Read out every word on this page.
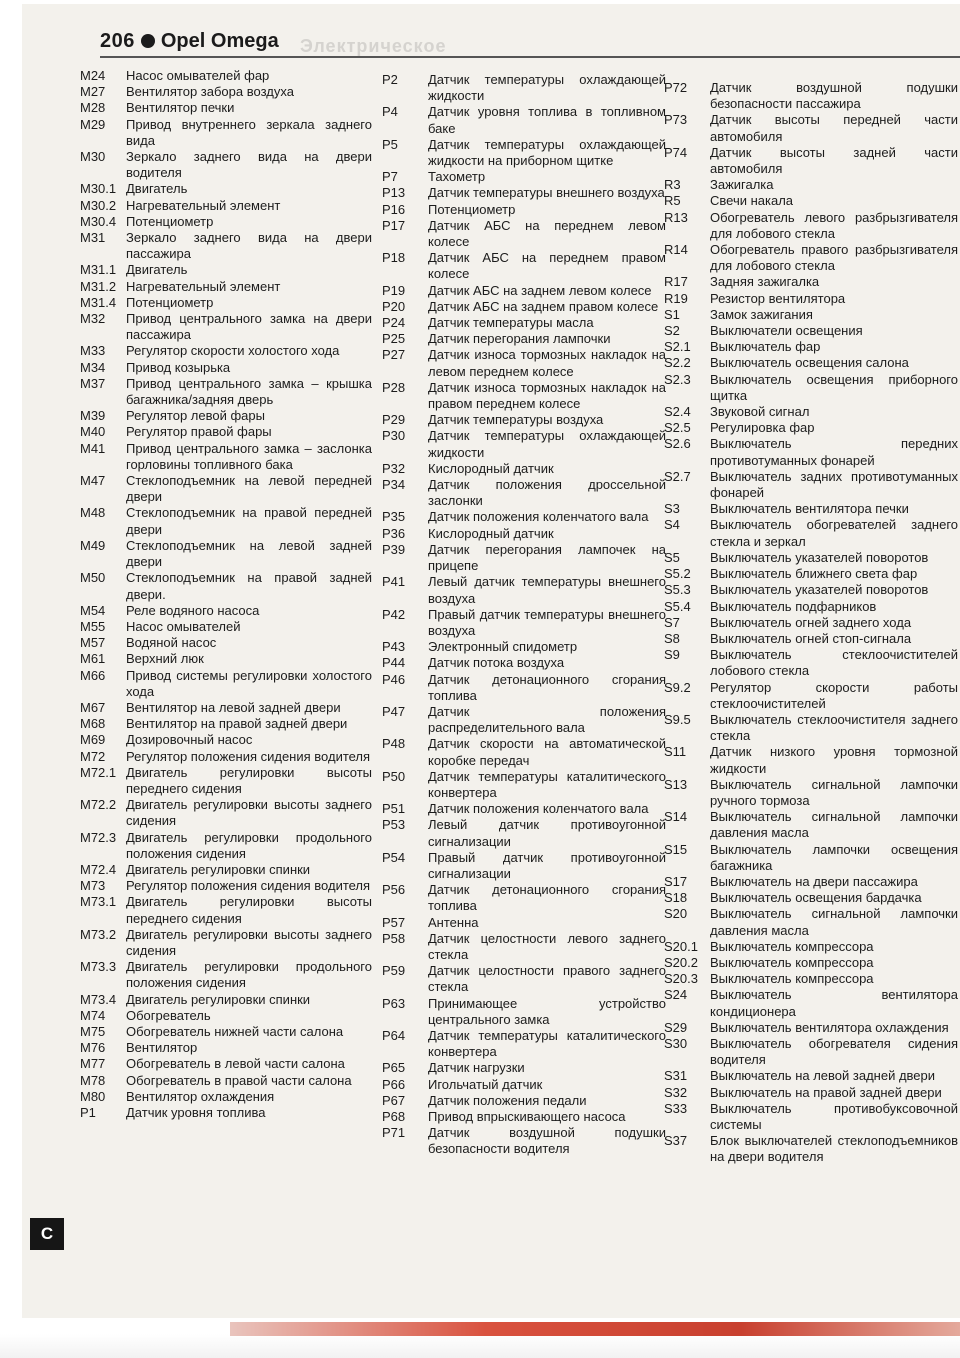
Электрическое
206 Opel Omega
M24	Насос омывателей фар
M27	Вентилятор забора воздуха
M28	Вентилятор печки
M29	Привод внутреннего зеркала заднего вида
M30	Зеркало заднего вида на двери водителя
M30.1 Двигатель
M30.2 Нагревательный элемент
M30.4 Потенциометр
M31	Зеркало заднего вида на двери пассажира
M31.1 Двигатель
M31.2 Нагревательный элемент
M31.4 Потенциометр
M32	Привод центрального замка на двери пассажира
M33	Регулятор скорости холостого хода
M34	Привод козырька
M37	Привод центрального замка – крышка багажника/задняя дверь
M39	Регулятор левой фары
M40	Регулятор правой фары
M41	Привод центрального замка – заслонка горловины топливного бака
M47	Стеклоподъемник на левой передней двери
M48	Стеклоподъемник на правой передней двери
M49	Стеклоподъемник на левой задней двери
M50	Стеклоподъемник на правой задней двери.
M54	Реле водяного насоса
M55	Насос омывателей
M57	Водяной насос
M61	Верхний люк
M66	Привод системы регулировки холостого хода
M67	Вентилятор на левой задней двери
M68	Вентилятор на правой задней двери
M69	Дозировочный насос
M72	Регулятор положения сидения водителя
M72.1 Двигатель регулировки высоты переднего сидения
M72.2 Двигатель регулировки высоты заднего сидения
M72.3 Двигатель регулировки продольного положения сидения
M72.4 Двигатель регулировки спинки
M73	Регулятор положения сидения водителя
M73.1 Двигатель регулировки высоты переднего сидения
M73.2 Двигатель регулировки высоты заднего сидения
M73.3 Двигатель регулировки продольного положения сидения
M73.4 Двигатель регулировки спинки
M74	Обогреватель
M75	Обогреватель нижней части салона
M76	Вентилятор
M77	Обогреватель в левой части салона
M78	Обогреватель в правой части салона
M80	Вентилятор охлаждения
P1	Датчик уровня топлива
P2	Датчик температуры охлаждающей жидкости
P4	Датчик уровня топлива в топливном баке
P5	Датчик температуры охлаждающей жидкости на приборном щитке
P7	Тахометр
P13	Датчик температуры внешнего воздуха
P16	Потенциометр
P17	Датчик АБС на переднем левом колесе
P18	Датчик АБС на переднем правом колесе
P19	Датчик АБС на заднем левом колесе
P20	Датчик АБС на заднем правом колесе
P24	Датчик температуры масла
P25	Датчик перегорания лампочки
P27	Датчик износа тормозных накладок на левом переднем колесе
P28	Датчик износа тормозных накладок на правом переднем колесе
P29	Датчик температуры воздуха
P30	Датчик температуры охлаждающей жидкости
P32	Кислородный датчик
P34	Датчик положения дроссельной заслонки
P35	Датчик положения коленчатого вала
P36	Кислородный датчик
P39	Датчик перегорания лампочек на прицепе
P41	Левый датчик температуры внешнего воздуха
P42	Правый датчик температуры внешнего воздуха
P43	Электронный спидометр
P44	Датчик потока воздуха
P46	Датчик детонационного сгорания топлива
P47	Датчик положения распределительного вала
P48	Датчик скорости на автоматической коробке передач
P50	Датчик температуры каталитического конвертера
P51	Датчик положения коленчатого вала
P53	Левый датчик противоугонной сигнализации
P54	Правый датчик противоугонной сигнализации
P56	Датчик детонационного сгорания топлива
P57	Антенна
P58	Датчик целостности левого заднего стекла
P59	Датчик целостности правого заднего стекла
P63	Принимающее устройство центрального замка
P64	Датчик температуры каталитического конвертера
P65	Датчик нагрузки
P66	Игольчатый датчик
P67	Датчик положения педали
P68	Привод впрыскивающего насоса
P71	Датчик воздушной подушки безопасности водителя
P72	Датчик воздушной подушки безопасности пассажира
P73	Датчик высоты передней части автомобиля
P74	Датчик высоты задней части автомобиля
R3	Зажигалка
R5	Свечи накала
R13	Обогреватель левого разбрызгивателя для лобового стекла
R14	Обогреватель правого разбрызгивателя для лобового стекла
R17	Задняя зажигалка
R19	Резистор вентилятора
S1	Замок зажигания
S2	Выключатели освещения
S2.1	Выключатель фар
S2.2	Выключатель освещения салона
S2.3	Выключатель освещения приборного щитка
S2.4	Звуковой сигнал
S2.5	Регулировка фар
S2.6	Выключатель передних противотуманных фонарей
S2.7	Выключатель задних противотуманных фонарей
S3	Выключатель вентилятора печки
S4	Выключатель обогревателей заднего стекла и зеркал
S5	Выключатель указателей поворотов
S5.2	Выключатель ближнего света фар
S5.3	Выключатель указателей поворотов
S5.4	Выключатель подфарников
S7	Выключатель огней заднего хода
S8	Выключатель огней стоп-сигнала
S9	Выключатель стеклоочистителей лобового стекла
S9.2	Регулятор скорости работы стеклоочистителей
S9.5	Выключатель стеклоочистителя заднего стекла
S11	Датчик низкого уровня тормозной жидкости
S13	Выключатель сигнальной лампочки ручного тормоза
S14	Выключатель сигнальной лампочки давления масла
S15	Выключатель лампочки освещения багажника
S17	Выключатель на двери пассажира
S18	Выключатель освещения бардачка
S20	Выключатель сигнальной лампочки давления масла
S20.1 Выключатель компрессора
S20.2 Выключатель компрессора
S20.3 Выключатель компрессора
S24	Выключатель вентилятора кондиционера
S29	Выключатель вентилятора охлаждения
S30	Выключатель обогревателя сидения водителя
S31	Выключатель на левой задней двери
S32	Выключатель на правой задней двери
S33	Выключатель противобуксовочной системы
S37	Блок выключателей стеклоподъемников на двери водителя
C
